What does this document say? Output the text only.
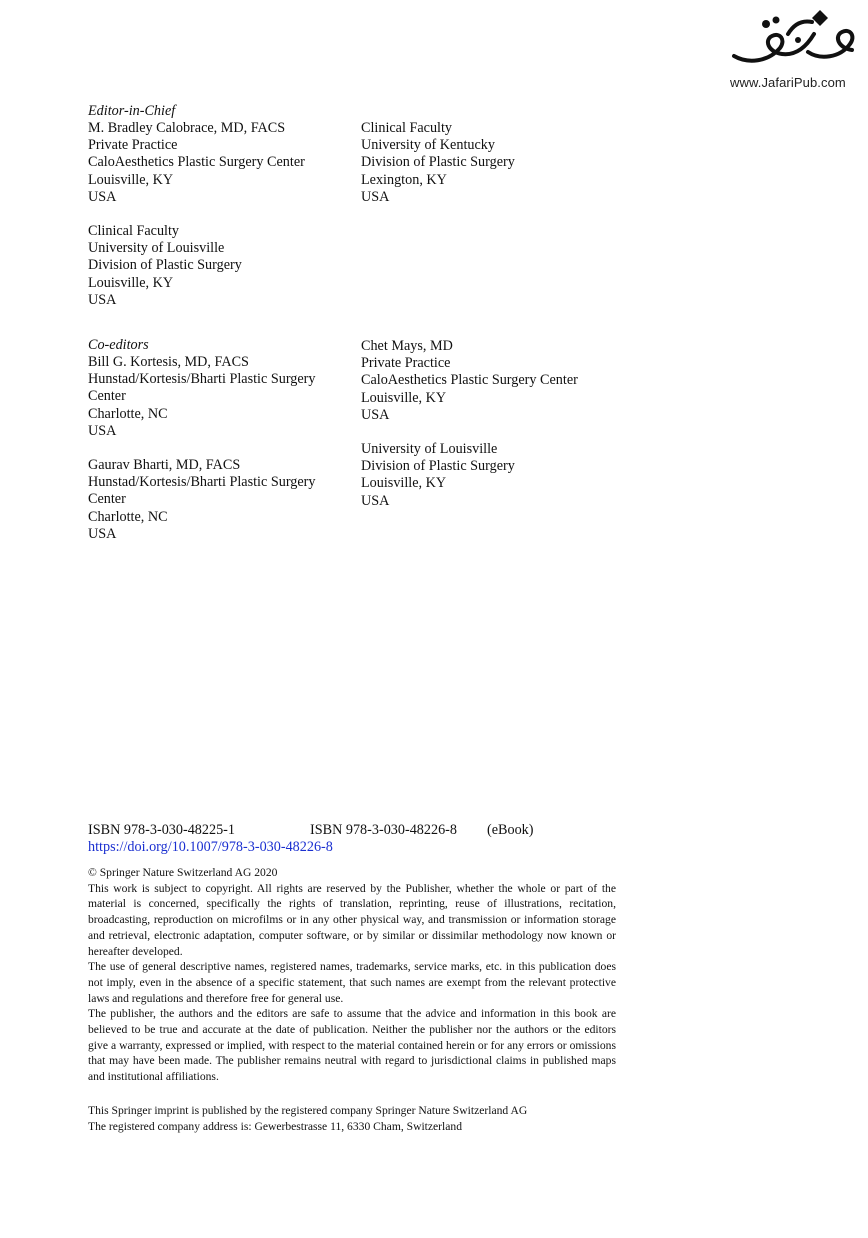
www.JafariPub.com
Editor-in-Chief
M. Bradley Calobrace, MD, FACS
Private Practice
CaloAesthetics Plastic Surgery Center
Louisville, KY
USA
Clinical Faculty
University of Louisville
Division of Plastic Surgery
Louisville, KY
USA
Clinical Faculty
University of Kentucky
Division of Plastic Surgery
Lexington, KY
USA
Co-editors
Bill G. Kortesis, MD, FACS
Hunstad/Kortesis/Bharti Plastic Surgery
Center
Charlotte, NC
USA
Gaurav Bharti, MD, FACS
Hunstad/Kortesis/Bharti Plastic Surgery
Center
Charlotte, NC
USA
Chet Mays, MD
Private Practice
CaloAesthetics Plastic Surgery Center
Louisville, KY
USA
University of Louisville
Division of Plastic Surgery
Louisville, KY
USA
ISBN 978-3-030-48225-1	ISBN 978-3-030-48226-8 (eBook)
https://doi.org/10.1007/978-3-030-48226-8

© Springer Nature Switzerland AG 2020

This work is subject to copyright. All rights are reserved by the Publisher, whether the whole or part of the material is concerned, specifically the rights of translation, reprinting, reuse of illustrations, recitation, broadcasting, reproduction on microfilms or in any other physical way, and transmission or information storage and retrieval, electronic adaptation, computer software, or by similar or dissimilar methodology now known or hereafter developed.

The use of general descriptive names, registered names, trademarks, service marks, etc. in this publication does not imply, even in the absence of a specific statement, that such names are exempt from the relevant protective laws and regulations and therefore free for general use.

The publisher, the authors and the editors are safe to assume that the advice and information in this book are believed to be true and accurate at the date of publication. Neither the publisher nor the authors or the editors give a warranty, expressed or implied, with respect to the material contained herein or for any errors or omissions that may have been made. The publisher remains neutral with regard to jurisdictional claims in published maps and institutional affiliations.

This Springer imprint is published by the registered company Springer Nature Switzerland AG

The registered company address is: Gewerbestrasse 11, 6330 Cham, Switzerland
